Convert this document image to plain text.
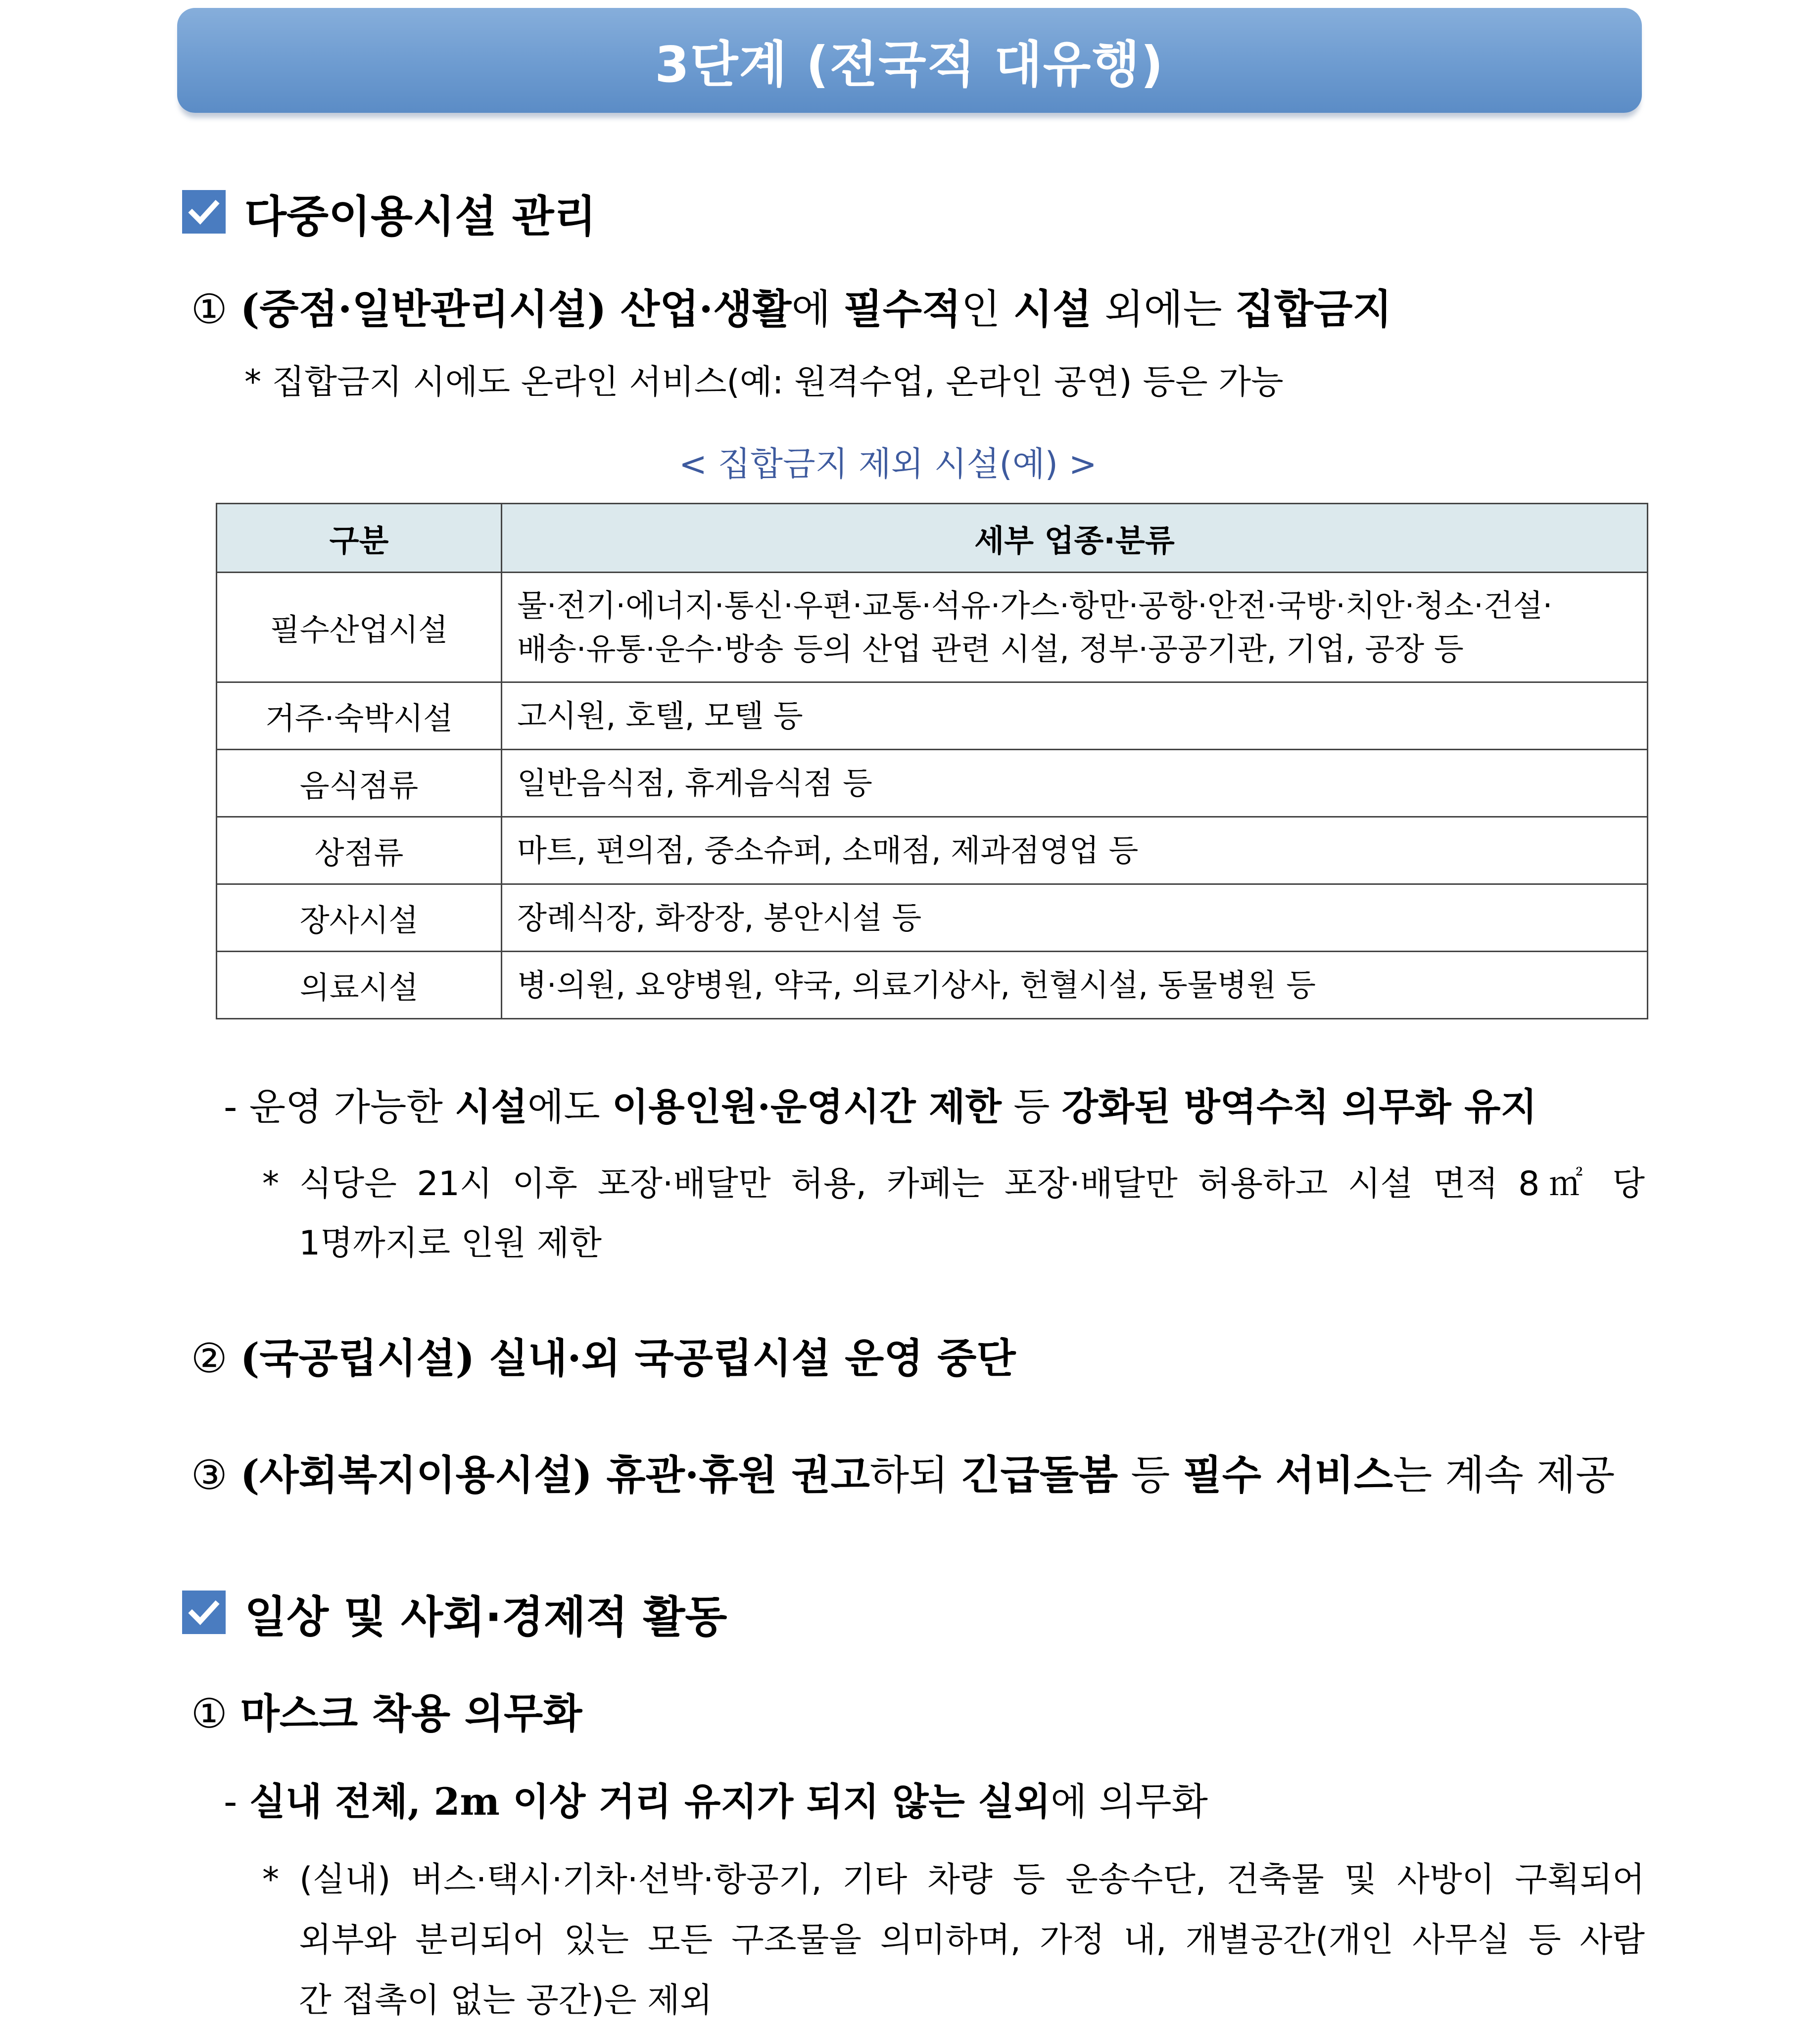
3단계 (전국적 대유행)
다중이용시설 관리
① (중점·일반관리시설) 산업·생활에 필수적인 시설 외에는 집합금지
* 집합금지 시에도 온라인 서비스(예: 원격수업, 온라인 공연) 등은 가능
< 집합금지 제외 시설(예) >
구분	세부 업종·분류
필수산업시설	물·전기·에너지·통신·우편·교통·석유·가스·항만·공항·안전·국방·치안·청소·건설·
배송·유통·운수·방송 등의 산업 관련 시설, 정부·공공기관, 기업, 공장 등

거주·숙박시설	고시원, 호텔, 모텔 등
음식점류	일반음식점, 휴게음식점 등
상점류	마트, 편의점, 중소슈퍼, 소매점, 제과점영업 등
장사시설	장례식장, 화장장, 봉안시설 등
의료시설	병·의원, 요양병원, 약국, 의료기상사, 헌혈시설, 동물병원 등
- 운영 가능한 시설에도 이용인원·운영시간 제한 등 강화된 방역수칙 의무화 유지
* 식당은 21시 이후 포장·배달만 허용, 카페는 포장·배달만 허용하고 시설 면적 8㎡ 당
1명까지로 인원 제한
② (국공립시설) 실내·외 국공립시설 운영 중단
③ (사회복지이용시설) 휴관·휴원 권고하되 긴급돌봄 등 필수 서비스는 계속 제공
일상 및 사회·경제적 활동
① 마스크 착용 의무화
- 실내 전체, 2m 이상 거리 유지가 되지 않는 실외에 의무화
* (실내) 버스·택시·기차·선박·항공기, 기타 차량 등 운송수단, 건축물 및 사방이 구획되어
외부와 분리되어 있는 모든 구조물을 의미하며, 가정 내, 개별공간(개인 사무실 등 사람
간 접촉이 없는 공간)은 제외
